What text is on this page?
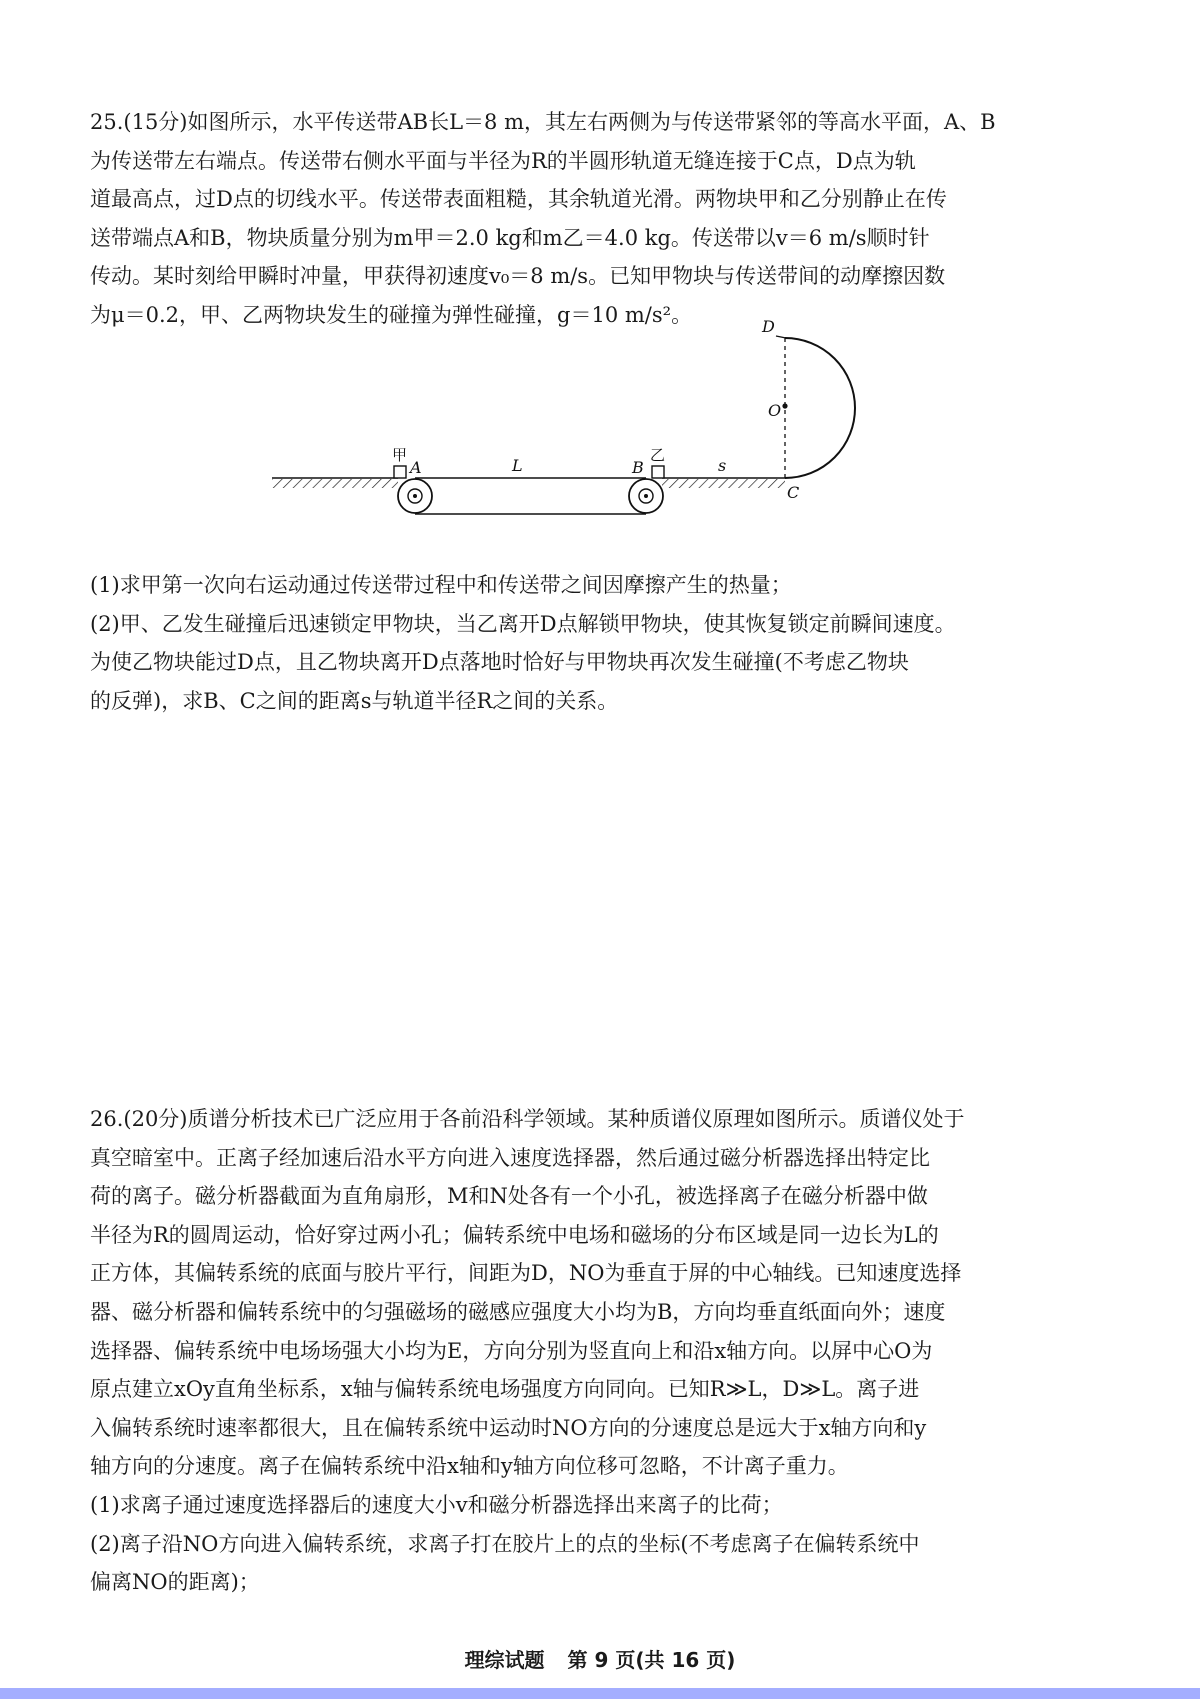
25.(15分)如图所示，水平传送带AB长L＝8 m，其左右两侧为与传送带紧邻的等高水平面，A、B

为传送带左右端点。传送带右侧水平面与半径为R的半圆形轨道无缝连接于C点，D点为轨

道最高点，过D点的切线水平。传送带表面粗糙，其余轨道光滑。两物块甲和乙分别静止在传

送带端点A和B，物块质量分别为m甲＝2.0 kg和m乙＝4.0 kg。传送带以v＝6 m/s顺时针

传动。某时刻给甲瞬时冲量，甲获得初速度v₀＝8 m/s。已知甲物块与传送带间的动摩擦因数

为μ＝0.2，甲、乙两物块发生的碰撞为弹性碰撞，g＝10 m/s²。	D
O
A	B
C
L	s
甲	乙

(1)求甲第一次向右运动通过传送带过程中和传送带之间因摩擦产生的热量；

(2)甲、乙发生碰撞后迅速锁定甲物块，当乙离开D点解锁甲物块，使其恢复锁定前瞬间速度。

为使乙物块能过D点，且乙物块离开D点落地时恰好与甲物块再次发生碰撞(不考虑乙物块

的反弹)，求B、C之间的距离s与轨道半径R之间的关系。

26.(20分)质谱分析技术已广泛应用于各前沿科学领域。某种质谱仪原理如图所示。质谱仪处于

真空暗室中。正离子经加速后沿水平方向进入速度选择器，然后通过磁分析器选择出特定比

荷的离子。磁分析器截面为直角扇形，M和N处各有一个小孔，被选择离子在磁分析器中做

半径为R的圆周运动，恰好穿过两小孔；偏转系统中电场和磁场的分布区域是同一边长为L的

正方体，其偏转系统的底面与胶片平行，间距为D，NO为垂直于屏的中心轴线。已知速度选择

器、磁分析器和偏转系统中的匀强磁场的磁感应强度大小均为B，方向均垂直纸面向外；速度

选择器、偏转系统中电场场强大小均为E，方向分别为竖直向上和沿x轴方向。以屏中心O为

原点建立xOy直角坐标系，x轴与偏转系统电场强度方向同向。已知R≫L，D≫L。离子进

入偏转系统时速率都很大，且在偏转系统中运动时NO方向的分速度总是远大于x轴方向和y

轴方向的分速度。离子在偏转系统中沿x轴和y轴方向位移可忽略，不计离子重力。

(1)求离子通过速度选择器后的速度大小v和磁分析器选择出来离子的比荷；

(2)离子沿NO方向进入偏转系统，求离子打在胶片上的点的坐标(不考虑离子在偏转系统中

偏离NO的距离)；

理综试题 第 9 页(共 16 页)
